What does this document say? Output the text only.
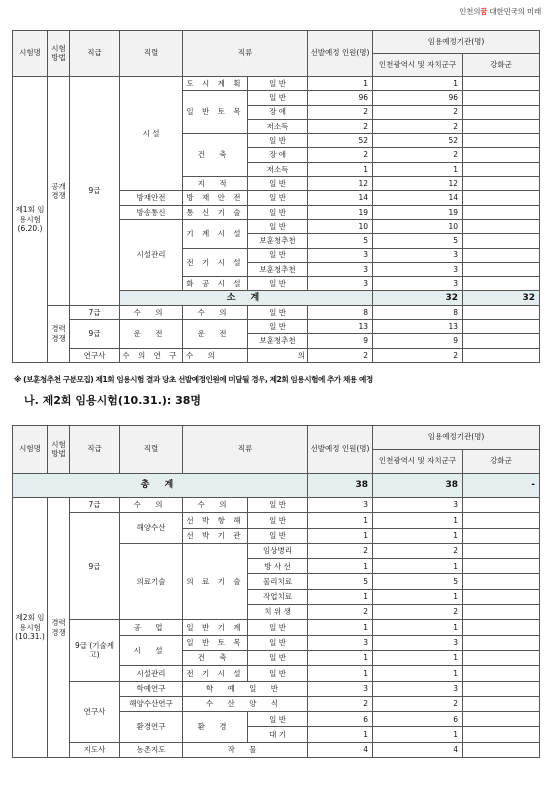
인천의꿈 대한민국의 미래
시험명	시험방법	직급	직렬	직류		선발예정 인원(명)	임용예정기관(명)		
							인천광역시 및 자치군구	강화군	
제1회 임용시험 (6.20.)	공개경쟁	9급	시 설	도 시 계 획	일 반	1	1		
				일 반 토 목	일 반	96	96		
					장 애	2	2		
					저소득	2	2		
				건 축	일 반	52	52		
					장 애	2	2		
					저소득	1	1		
				지 적	일 반	12	12		
			방재안전	방 재 안 전	일 반	14	14		
			방송통신	통 신 기 술	일 반	19	19		
			시설관리	기 계 시 설	일 반	10	10		
					보훈청추천	5	5		
				전 기 시 설	일 반	3	3		
					보훈청추천	3	3		
				화 공 시 설	일 반	3	3		
			소 계				32	32	
	경력경쟁	7급	수 의	수 의	일 반	8	8		
		9급	운 전	운 전	일 반	13	13		
					보훈청추천	9	9		
		연구사	수 의 연 구	수 의	의	2	2		
※ (보훈청추천 구분모집) 제1회 임용시험 결과 당초 선발예정인원에 미달될 경우, 제2회 임용시험에 추가 채용 예정
시험명	시험방법	직급	직렬	직류		선발예정 인원(명)	임용예정기관(명)	
							인천광역시 및 자치군구	강화군
총 계						38	38	-
제2회 임용시험 (10.31.)	경력경쟁	7급	수 의	수 의	일 반	3	3	
		9급	해양수산	선 박 항 해	일 반	1	1	
				선 박 기 관	일 반	1	1	
			의료기술	의 료 기 술	임상병리	2	2	
					방 사 선	1	1	
					물리치료	5	5	
					작업치료	1	1	
					치 위 생	2	2	
		9급 (기술계고)	공 업	일 반 기 계	일 반	1	1	
			시 설	일 반 토 목	일 반	3	3	
				건 축	일 반	1	1	
			시설관리	전 기 시 설	일 반	1	1	
		연구사	학예연구	학 예 일 반		3	3	
			해양수산연구	수 산 양 식		2	2	
			환경연구	환 경	일 반	6	6	
					대 기	1	1	
		지도사	농촌지도	작 물		4	4	
나. 제2회 임용시험(10.31.): 38명
